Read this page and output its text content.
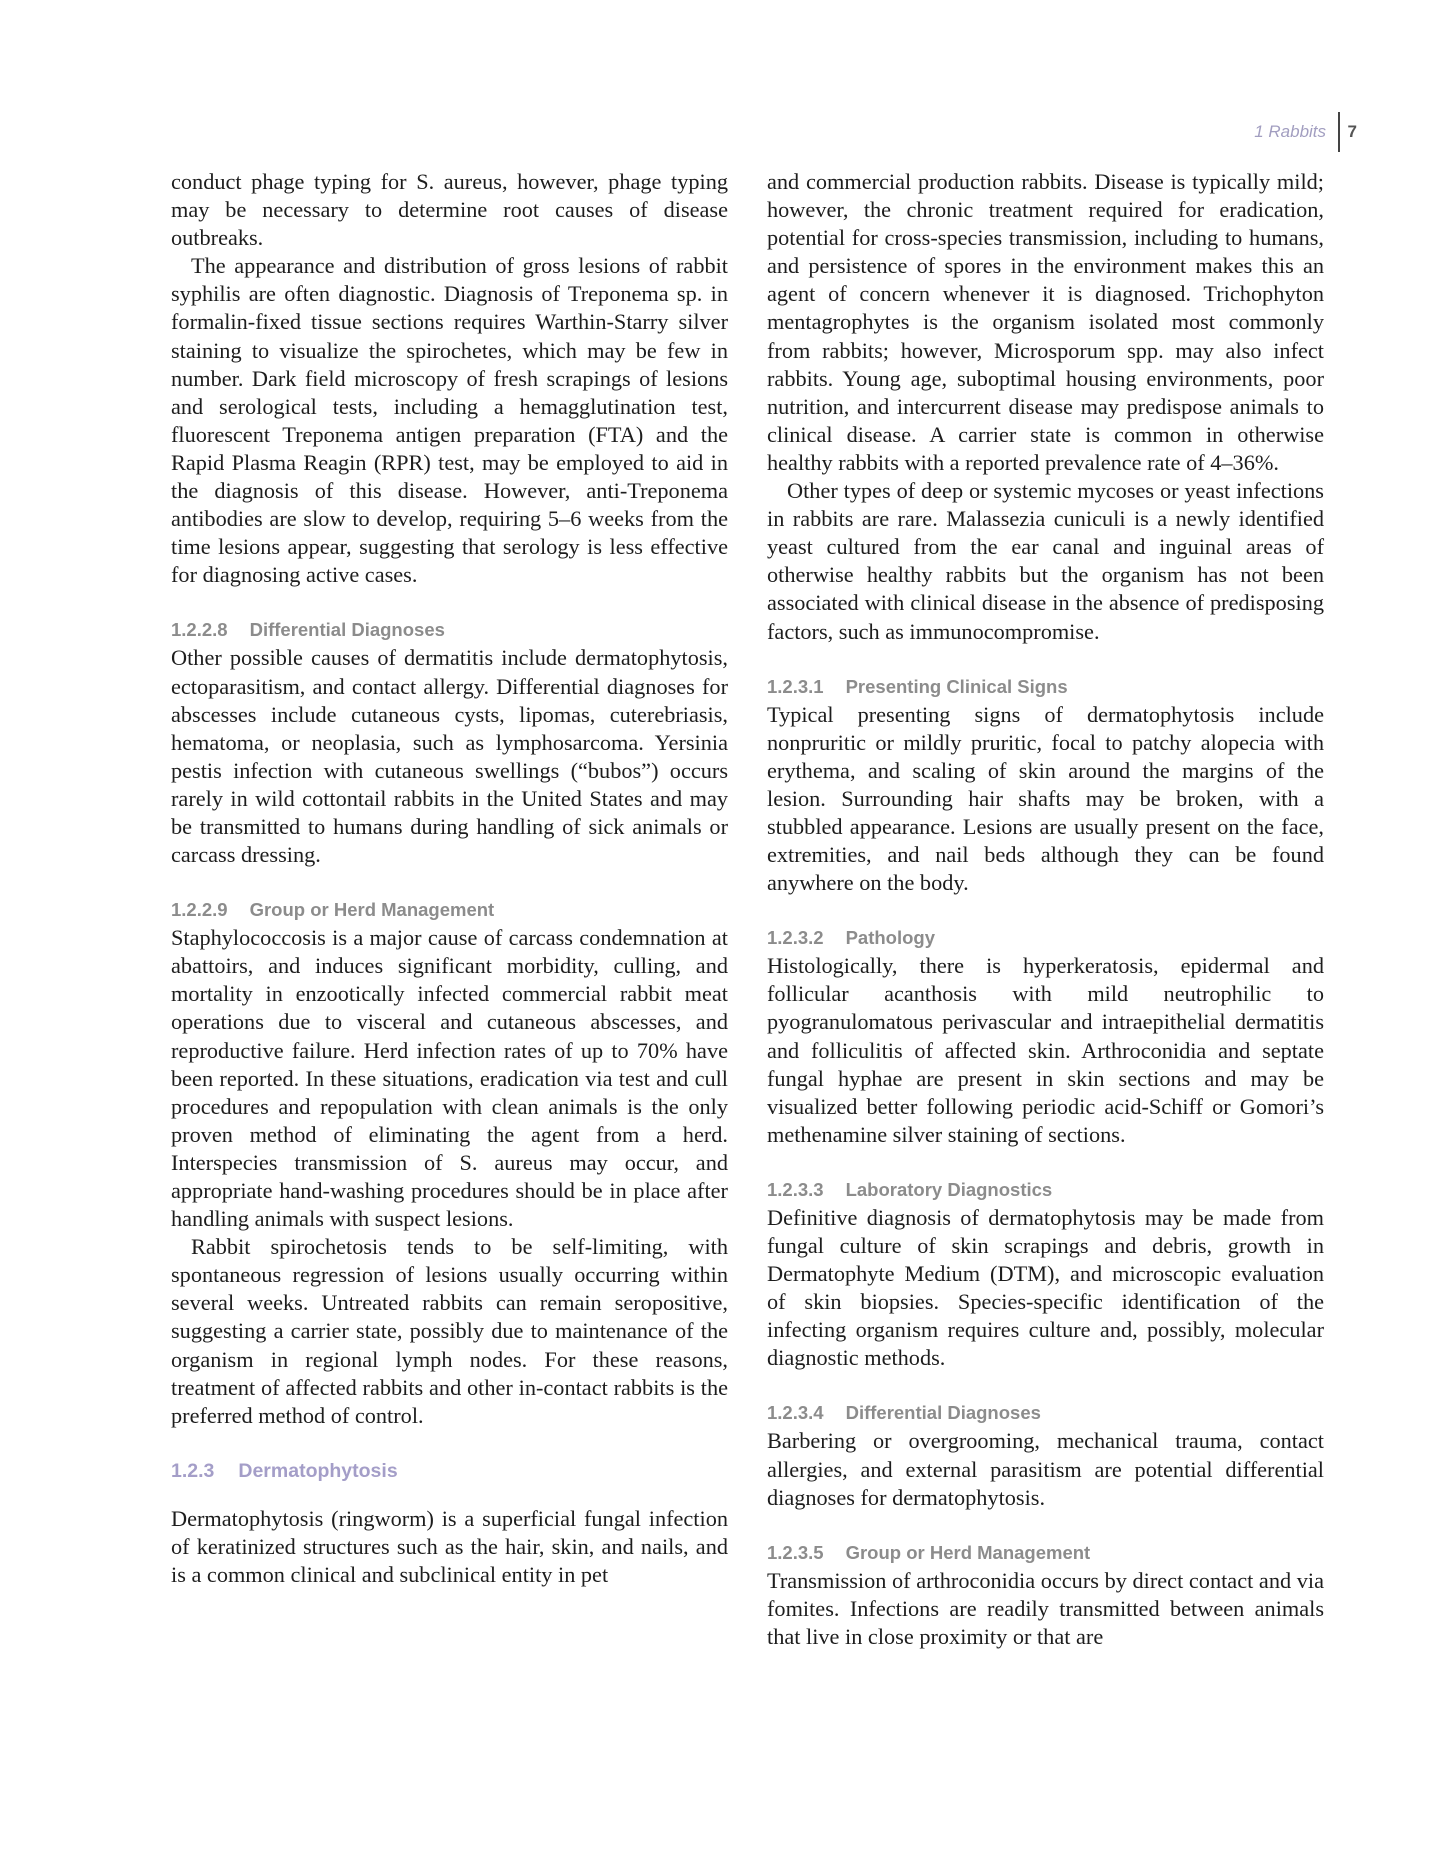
1 Rabbits	7

conduct phage typing for S. aureus, however, phage typing may be necessary to determine root causes of disease outbreaks.

The appearance and distribution of gross lesions of rabbit syphilis are often diagnostic. Diagnosis of Treponema sp. in formalin-fixed tissue sections requires Warthin-Starry silver staining to visualize the spirochetes, which may be few in number. Dark field microscopy of fresh scrapings of lesions and serological tests, including a hemagglutination test, fluorescent Treponema antigen preparation (FTA) and the Rapid Plasma Reagin (RPR) test, may be employed to aid in the diagnosis of this disease. However, anti-Treponema antibodies are slow to develop, requiring 5–6 weeks from the time lesions appear, suggesting that serology is less effective for diagnosing active cases.

1.2.2.8 Differential Diagnoses

Other possible causes of dermatitis include dermatophytosis, ectoparasitism, and contact allergy. Differential diagnoses for abscesses include cutaneous cysts, lipomas, cuterebriasis, hematoma, or neoplasia, such as lymphosarcoma. Yersinia pestis infection with cutaneous swellings (“bubos”) occurs rarely in wild cottontail rabbits in the United States and may be transmitted to humans during handling of sick animals or carcass dressing.

1.2.2.9 Group or Herd Management

Staphylococcosis is a major cause of carcass condemnation at abattoirs, and induces significant morbidity, culling, and mortality in enzootically infected commercial rabbit meat operations due to visceral and cutaneous abscesses, and reproductive failure. Herd infection rates of up to 70% have been reported. In these situations, eradication via test and cull procedures and repopulation with clean animals is the only proven method of eliminating the agent from a herd. Interspecies transmission of S. aureus may occur, and appropriate hand-washing procedures should be in place after handling animals with suspect lesions.

Rabbit spirochetosis tends to be self-limiting, with spontaneous regression of lesions usually occurring within several weeks. Untreated rabbits can remain seropositive, suggesting a carrier state, possibly due to maintenance of the organism in regional lymph nodes. For these reasons, treatment of affected rabbits and other in-contact rabbits is the preferred method of control.

1.2.3 Dermatophytosis

Dermatophytosis (ringworm) is a superficial fungal infection of keratinized structures such as the hair, skin, and nails, and is a common clinical and subclinical entity in pet

and commercial production rabbits. Disease is typically mild; however, the chronic treatment required for eradication, potential for cross-species transmission, including to humans, and persistence of spores in the environment makes this an agent of concern whenever it is diagnosed. Trichophyton mentagrophytes is the organism isolated most commonly from rabbits; however, Microsporum spp. may also infect rabbits. Young age, suboptimal housing environments, poor nutrition, and intercurrent disease may predispose animals to clinical disease. A carrier state is common in otherwise healthy rabbits with a reported prevalence rate of 4–36%.

Other types of deep or systemic mycoses or yeast infections in rabbits are rare. Malassezia cuniculi is a newly identified yeast cultured from the ear canal and inguinal areas of otherwise healthy rabbits but the organism has not been associated with clinical disease in the absence of predisposing factors, such as immunocompromise.

1.2.3.1 Presenting Clinical Signs

Typical presenting signs of dermatophytosis include nonpruritic or mildly pruritic, focal to patchy alopecia with erythema, and scaling of skin around the margins of the lesion. Surrounding hair shafts may be broken, with a stubbled appearance. Lesions are usually present on the face, extremities, and nail beds although they can be found anywhere on the body.

1.2.3.2 Pathology

Histologically, there is hyperkeratosis, epidermal and follicular acanthosis with mild neutrophilic to pyogranulomatous perivascular and intraepithelial dermatitis and folliculitis of affected skin. Arthroconidia and septate fungal hyphae are present in skin sections and may be visualized better following periodic acid-Schiff or Gomori’s methenamine silver staining of sections.

1.2.3.3 Laboratory Diagnostics

Definitive diagnosis of dermatophytosis may be made from fungal culture of skin scrapings and debris, growth in Dermatophyte Medium (DTM), and microscopic evaluation of skin biopsies. Species-specific identification of the infecting organism requires culture and, possibly, molecular diagnostic methods.

1.2.3.4 Differential Diagnoses

Barbering or overgrooming, mechanical trauma, contact allergies, and external parasitism are potential differential diagnoses for dermatophytosis.

1.2.3.5 Group or Herd Management

Transmission of arthroconidia occurs by direct contact and via fomites. Infections are readily transmitted between animals that live in close proximity or that are
